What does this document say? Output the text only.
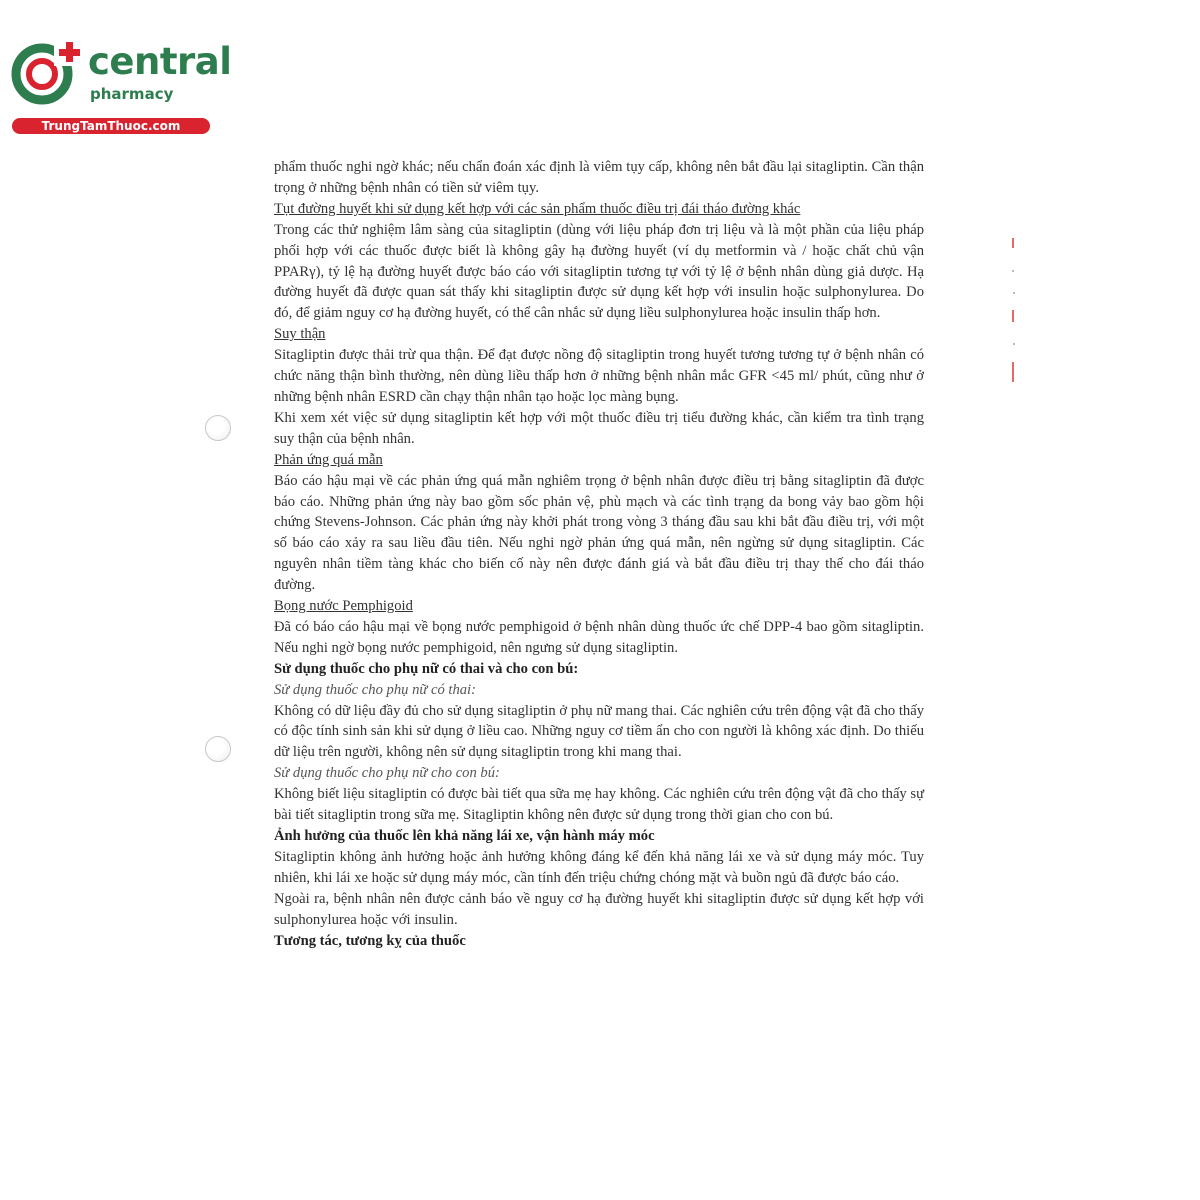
central
pharmacy
TrungTamThuoc.com

phẩm thuốc nghi ngờ khác; nếu chẩn đoán xác định là viêm tụy cấp, không nên bắt đầu lại sitagliptin. Cần thận trọng ở những bệnh nhân có tiền sử viêm tụy.

Tụt đường huyết khi sử dụng kết hợp với các sản phẩm thuốc điều trị đái tháo đường khác

Trong các thử nghiệm lâm sàng của sitagliptin (dùng với liệu pháp đơn trị liệu và là một phần của liệu pháp phối hợp với các thuốc được biết là không gây hạ đường huyết (ví dụ metformin và / hoặc chất chủ vận PPARγ), tỷ lệ hạ đường huyết được báo cáo với sitagliptin tương tự với tỷ lệ ở bệnh nhân dùng giả dược. Hạ đường huyết đã được quan sát thấy khi sitagliptin được sử dụng kết hợp với insulin hoặc sulphonylurea. Do đó, để giảm nguy cơ hạ đường huyết, có thể cân nhắc sử dụng liều sulphonylurea hoặc insulin thấp hơn.

Suy thận

Sitagliptin được thải trừ qua thận. Để đạt được nồng độ sitagliptin trong huyết tương tương tự ở bệnh nhân có chức năng thận bình thường, nên dùng liều thấp hơn ở những bệnh nhân mắc GFR <45 ml/ phút, cũng như ở những bệnh nhân ESRD cần chạy thận nhân tạo hoặc lọc màng bụng.

Khi xem xét việc sử dụng sitagliptin kết hợp với một thuốc điều trị tiểu đường khác, cần kiểm tra tình trạng suy thận của bệnh nhân.

Phản ứng quá mẫn

Báo cáo hậu mại về các phản ứng quá mẫn nghiêm trọng ở bệnh nhân được điều trị bằng sitagliptin đã được báo cáo. Những phản ứng này bao gồm sốc phản vệ, phù mạch và các tình trạng da bong vảy bao gồm hội chứng Stevens-Johnson. Các phản ứng này khởi phát trong vòng 3 tháng đầu sau khi bắt đầu điều trị, với một số báo cáo xảy ra sau liều đầu tiên. Nếu nghi ngờ phản ứng quá mẫn, nên ngừng sử dụng sitagliptin. Các nguyên nhân tiềm tàng khác cho biến cố này nên được đánh giá và bắt đầu điều trị thay thế cho đái tháo đường.

Bọng nước Pemphigoid

Đã có báo cáo hậu mại về bọng nước pemphigoid ở bệnh nhân dùng thuốc ức chế DPP-4 bao gồm sitagliptin. Nếu nghi ngờ bọng nước pemphigoid, nên ngưng sử dụng sitagliptin.

Sử dụng thuốc cho phụ nữ có thai và cho con bú:

Sử dụng thuốc cho phụ nữ có thai:

Không có dữ liệu đầy đủ cho sử dụng sitagliptin ở phụ nữ mang thai. Các nghiên cứu trên động vật đã cho thấy có độc tính sinh sản khi sử dụng ở liều cao. Những nguy cơ tiềm ẩn cho con người là không xác định. Do thiếu dữ liệu trên người, không nên sử dụng sitagliptin trong khi mang thai.

Sử dụng thuốc cho phụ nữ cho con bú:

Không biết liệu sitagliptin có được bài tiết qua sữa mẹ hay không. Các nghiên cứu trên động vật đã cho thấy sự bài tiết sitagliptin trong sữa mẹ. Sitagliptin không nên được sử dụng trong thời gian cho con bú.

Ảnh hưởng của thuốc lên khả năng lái xe, vận hành máy móc

Sitagliptin không ảnh hưởng hoặc ảnh hưởng không đáng kể đến khả năng lái xe và sử dụng máy móc. Tuy nhiên, khi lái xe hoặc sử dụng máy móc, cần tính đến triệu chứng chóng mặt và buồn ngủ đã được báo cáo.

Ngoài ra, bệnh nhân nên được cảnh báo về nguy cơ hạ đường huyết khi sitagliptin được sử dụng kết hợp với sulphonylurea hoặc với insulin.

Tương tác, tương kỵ của thuốc
